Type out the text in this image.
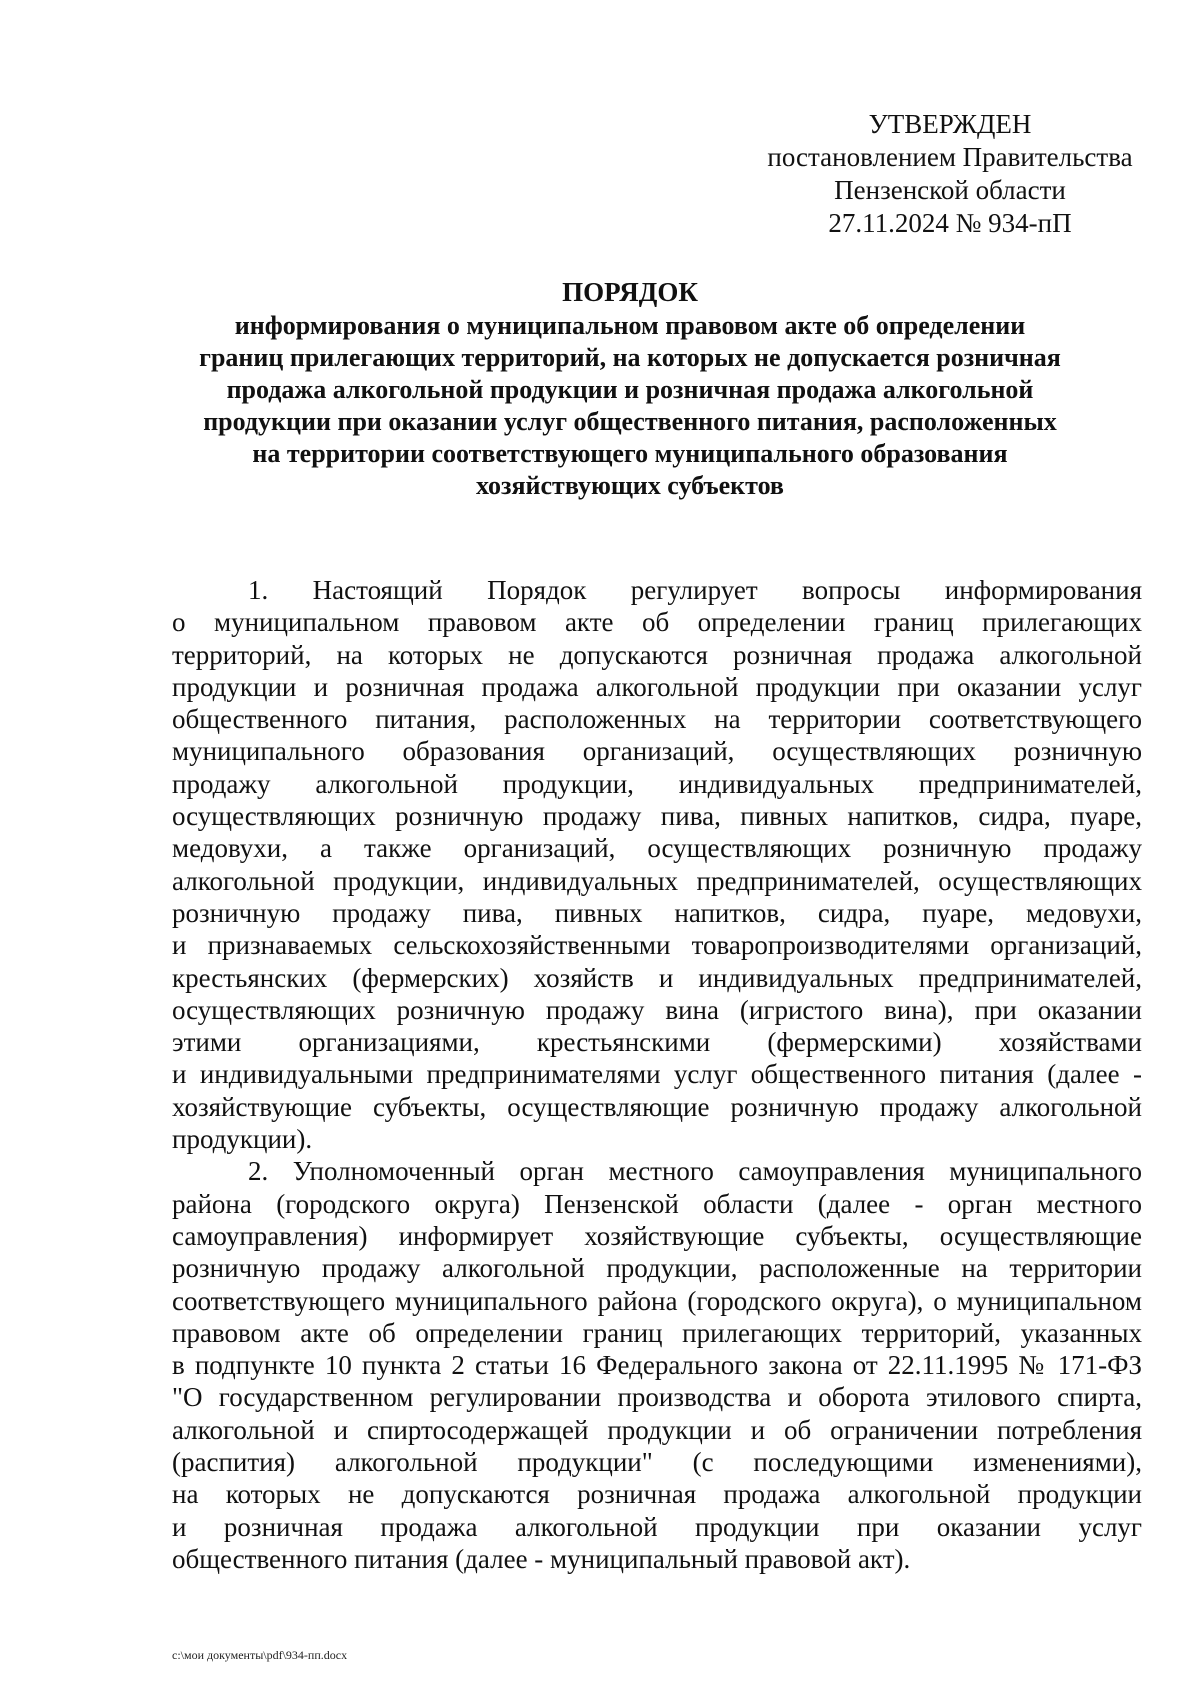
УТВЕРЖДЕН
постановлением Правительства
Пензенской области
27.11.2024 № 934-пП
ПОРЯДОК
информирования о муниципальном правовом акте об определении
границ прилегающих территорий, на которых не допускается розничная
продажа алкогольной продукции и розничная продажа алкогольной
продукции при оказании услуг общественного питания, расположенных
на территории соответствующего муниципального образования
хозяйствующих субъектов
1. Настоящий Порядок регулирует вопросы информирования
о муниципальном правовом акте об определении границ прилегающих
территорий, на которых не допускаются розничная продажа алкогольной
продукции и розничная продажа алкогольной продукции при оказании услуг
общественного питания, расположенных на территории соответствующего
муниципального образования организаций, осуществляющих розничную
продажу алкогольной продукции, индивидуальных предпринимателей,
осуществляющих розничную продажу пива, пивных напитков, сидра, пуаре,
медовухи, а также организаций, осуществляющих розничную продажу
алкогольной продукции, индивидуальных предпринимателей, осуществляющих
розничную продажу пива, пивных напитков, сидра, пуаре, медовухи,
и признаваемых сельскохозяйственными товаропроизводителями организаций,
крестьянских (фермерских) хозяйств и индивидуальных предпринимателей,
осуществляющих розничную продажу вина (игристого вина), при оказании
этими организациями, крестьянскими (фермерскими) хозяйствами
и индивидуальными предпринимателями услуг общественного питания (далее -
хозяйствующие субъекты, осуществляющие розничную продажу алкогольной
продукции).
2. Уполномоченный орган местного самоуправления муниципального
района (городского округа) Пензенской области (далее - орган местного
самоуправления) информирует хозяйствующие субъекты, осуществляющие
розничную продажу алкогольной продукции, расположенные на территории
соответствующего муниципального района (городского округа), о муниципальном
правовом акте об определении границ прилегающих территорий, указанных
в подпункте 10 пункта 2 статьи 16 Федерального закона от 22.11.1995 № 171-ФЗ
"О государственном регулировании производства и оборота этилового спирта,
алкогольной и спиртосодержащей продукции и об ограничении потребления
(распития) алкогольной продукции" (с последующими изменениями),
на которых не допускаются розничная продажа алкогольной продукции
и розничная продажа алкогольной продукции при оказании услуг
общественного питания (далее - муниципальный правовой акт).
c:\мои документы\pdf\934-пп.docx
